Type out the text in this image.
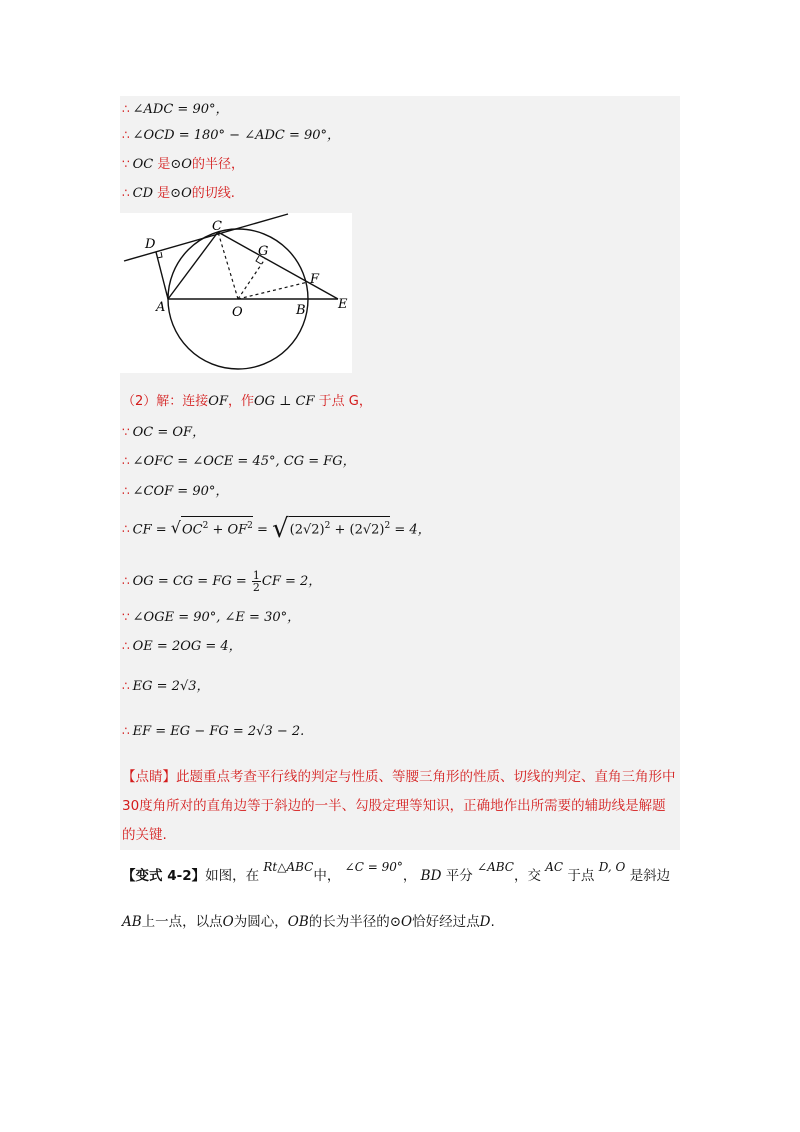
∴ ∠ADC = 90°，
∴ ∠OCD = 180° − ∠ADC = 90°，
∵ OC 是⊙O的半径，
∴ CD 是⊙O的切线.
C
D	G
F
A	O	B E
（2）解：连接OF，作OG ⊥ CF 于点 G，
∵ OC = OF，
∴ ∠OFC = ∠OCE = 45°, CG = FG，
∴ ∠COF = 90°，
∴ CF = $√OC^2 + OF^2 = √(2√2)^2 + (2√2)^2 = 4$，
∴ OG = CG = FG = $\frac{1}{2}$ CF = 2，
∵ ∠OGE = 90°, ∠E = 30°，
∴ OE = 2OG = 4，
∴ EG = 2√3，
∴ EF = EG − FG = 2√3 − 2.
【点睛】此题重点考查平行线的判定与性质、等腰三角形的性质、切线的判定、直角三角形中30度角所对的直角边等于斜边的一半、勾股定理等知识，正确地作出所需要的辅助线是解题的关键.
【变式 4-2】如图，在 Rt△ABC中， ∠C = 90°， BD 平分 ∠ABC，交 AC 于点 D, O 是斜边
AB上一点，以点O为圆心，OB的长为半径的⊙O恰好经过点D.
